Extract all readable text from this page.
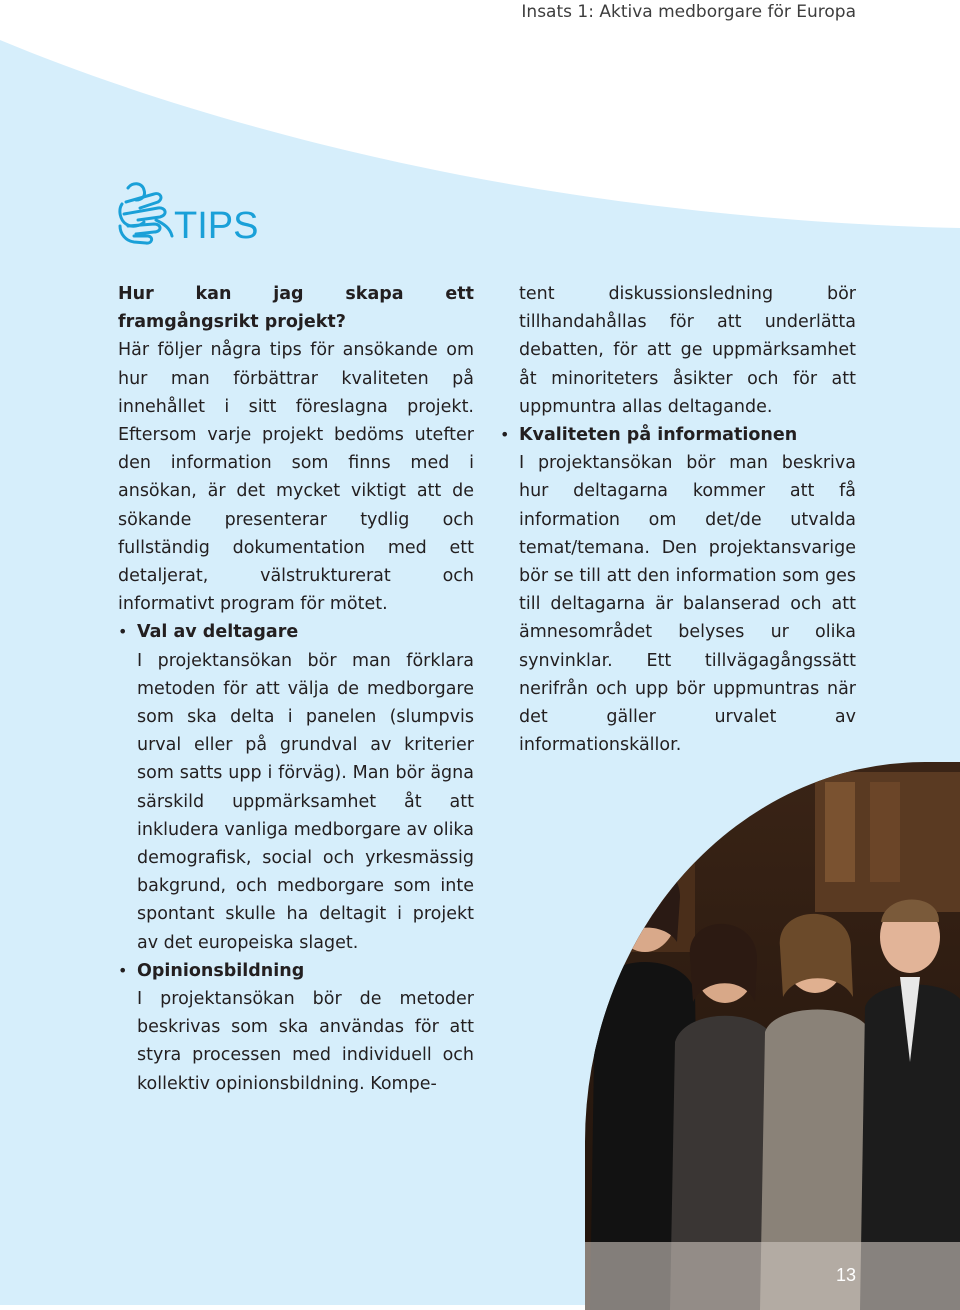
Insats 1: Aktiva medborgare för Europa
TIPS

Hur kan jag skapa ett framgångsrikt projekt?
Här följer några tips för ansökande om hur man förbättrar kvaliteten på innehållet i sitt föreslagna projekt. Eftersom varje projekt bedöms utefter den information som finns med i ansökan, är det mycket viktigt att de sökande presenterar tydlig och fullständig dokumentation med ett detaljerat, välstrukturerat och informativt program för mötet.

• Val av deltagare
I projektansökan bör man förklara metoden för att välja de medborgare som ska delta i panelen (slumpvis urval eller på grundval av kriterier som satts upp i förväg). Man bör ägna särskild uppmärksamhet åt att inkludera vanliga medborgare av olika demografisk, social och yrkesmässig bakgrund, och medborgare som inte spontant skulle ha deltagit i projekt av det europeiska slaget.
• Opinionsbildning
I projektansökan bör de metoder beskrivas som ska användas för att styra processen med individuell och kollektiv opinionsbildning. Kompe-
tent diskussionsledning bör tillhandahållas för att underlätta debatten, för att ge uppmärksamhet åt minoriteters åsikter och för att uppmuntra allas deltagande.
• Kvaliteten på informationen
I projektansökan bör man beskriva hur deltagarna kommer att få information om det/de utvalda temat/temana. Den projektansvarige bör se till att den information som ges till deltagarna är balanserad och att ämnesområdet belyses ur olika synvinklar. Ett tillvägagångssätt nerifrån och upp bör uppmuntras när det gäller urvalet av informationskällor.
13
